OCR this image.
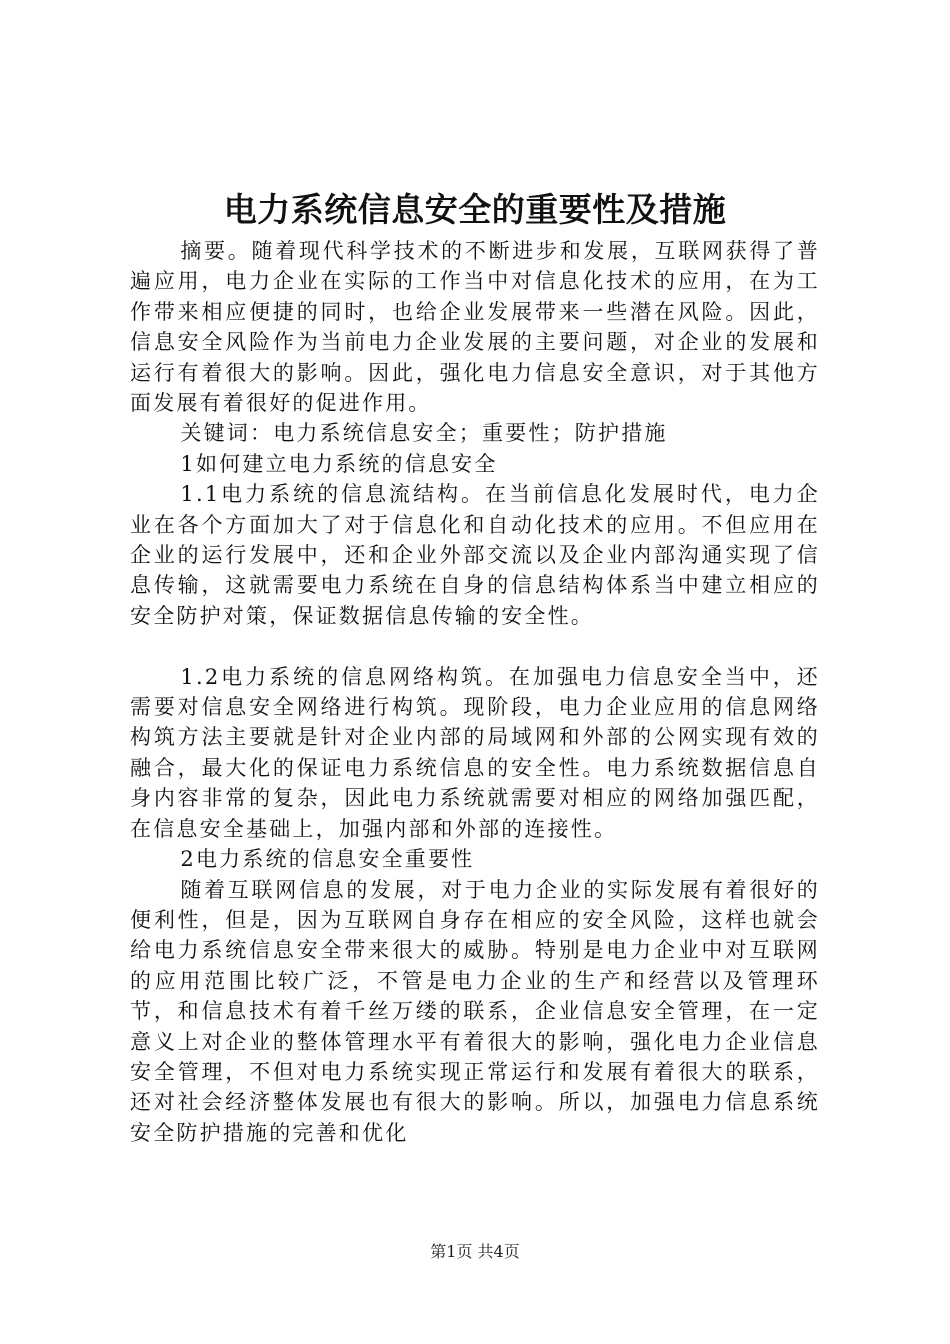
电力系统信息安全的重要性及措施

摘要。随着现代科学技术的不断进步和发展，互联网获得了普遍应用，电力企业在实际的工作当中对信息化技术的应用，在为工作带来相应便捷的同时，也给企业发展带来一些潜在风险。因此，信息安全风险作为当前电力企业发展的主要问题，对企业的发展和运行有着很大的影响。因此，强化电力信息安全意识，对于其他方面发展有着很好的促进作用。

关键词：电力系统信息安全；重要性；防护措施

1如何建立电力系统的信息安全

1.1电力系统的信息流结构。在当前信息化发展时代，电力企业在各个方面加大了对于信息化和自动化技术的应用。不但应用在企业的运行发展中，还和企业外部交流以及企业内部沟通实现了信息传输，这就需要电力系统在自身的信息结构体系当中建立相应的安全防护对策，保证数据信息传输的安全性。

1.2电力系统的信息网络构筑。在加强电力信息安全当中，还需要对信息安全网络进行构筑。现阶段，电力企业应用的信息网络构筑方法主要就是针对企业内部的局域网和外部的公网实现有效的融合，最大化的保证电力系统信息的安全性。电力系统数据信息自身内容非常的复杂，因此电力系统就需要对相应的网络加强匹配，在信息安全基础上，加强内部和外部的连接性。

2电力系统的信息安全重要性

随着互联网信息的发展，对于电力企业的实际发展有着很好的便利性，但是，因为互联网自身存在相应的安全风险，这样也就会给电力系统信息安全带来很大的威胁。特别是电力企业中对互联网的应用范围比较广泛，不管是电力企业的生产和经营以及管理环节，和信息技术有着千丝万缕的联系，企业信息安全管理，在一定意义上对企业的整体管理水平有着很大的影响，强化电力企业信息安全管理，不但对电力系统实现正常运行和发展有着很大的联系，还对社会经济整体发展也有很大的影响。所以，加强电力信息系统安全防护措施的完善和优化

第1页 共4页
